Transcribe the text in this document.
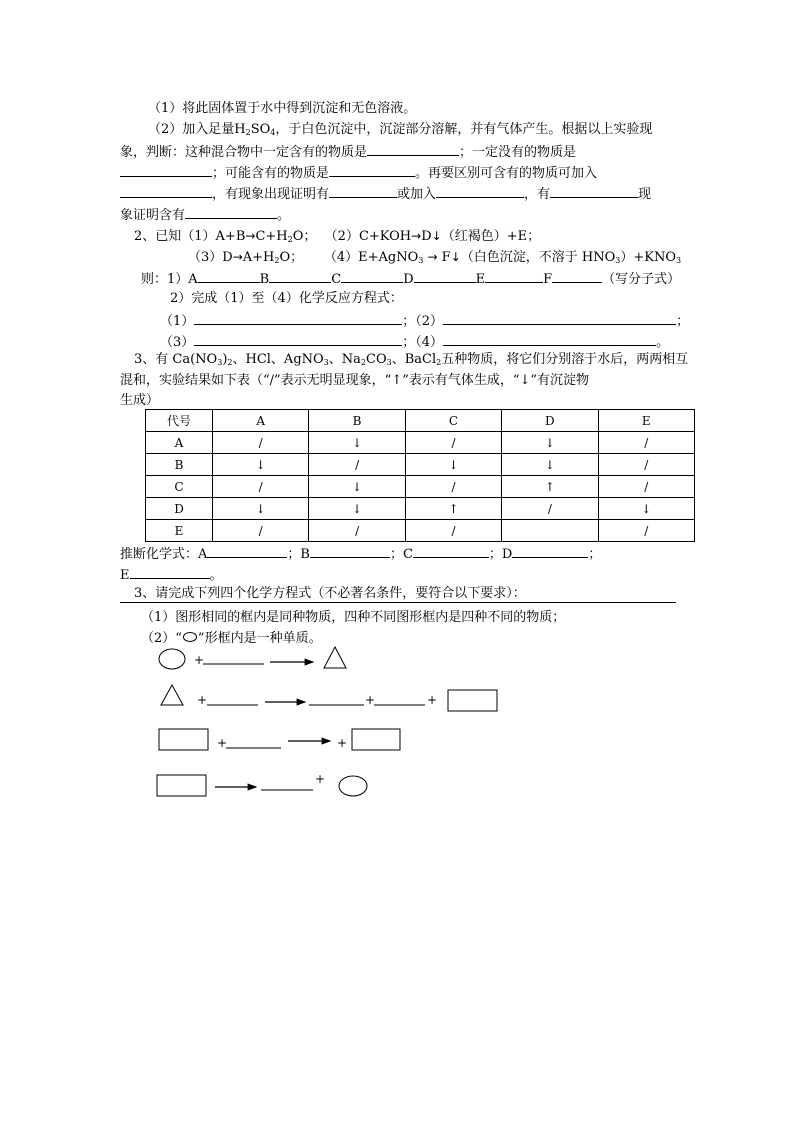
（1）将此固体置于水中得到沉淀和无色溶液。
（2）加入足量$H_2SO_4$，于白色沉淀中，沉淀部分溶解，并有气体产生。根据以上实验现
象，判断：这种混合物中一定含有的物质是	；一定没有的物质是
；可能含有的物质是	。再要区别可含有的物质可加入
，有现象出现证明有	或加入	，有	现
象证明含有	。
2、已知$(1)A+B\to C+H_2O$； （2）C+KOH→D↓（红褐色）+E；
$(3)D\to A+H_2O$； （4）E+AgNO$_3$ → F↓（白色沉淀，不溶于 $HNO_3)+KNO_3$
则：1）A	B	C	D	E	F	（写分子式）
2）完成（1）至（4）化学反应方程式：
（1）	；（2）	；
（3）	；（4）	。
3、有 $Ca(NO_3)_2$、HCl、AgNO$_3$、$Na_2CO_3$、BaCl$_2$五种物质，将它们分别溶于水后，两两相互
混和，实验结果如下表（“/”表示无明显现象，“↑”表示有气体生成，“↓”有沉淀物
生成）
代号	A	B	C	D	E
A	/	↓	/	↓	/
B	↓	/	↓	↓	/
C	/	↓	/	↑	/
D	↓	↓	↑	/	↓
E	/	/	/		/
推断化学式：A	；B	；C	；D	；
E	。
3、请完成下列四个化学方程式（不必著名条件，要符合以下要求）：
（1）图形相同的框内是同种物质，四种不同图形框内是四种不同的物质；
（2）“ ”形框内是一种单质。
+
+	+	+
+	+
+
